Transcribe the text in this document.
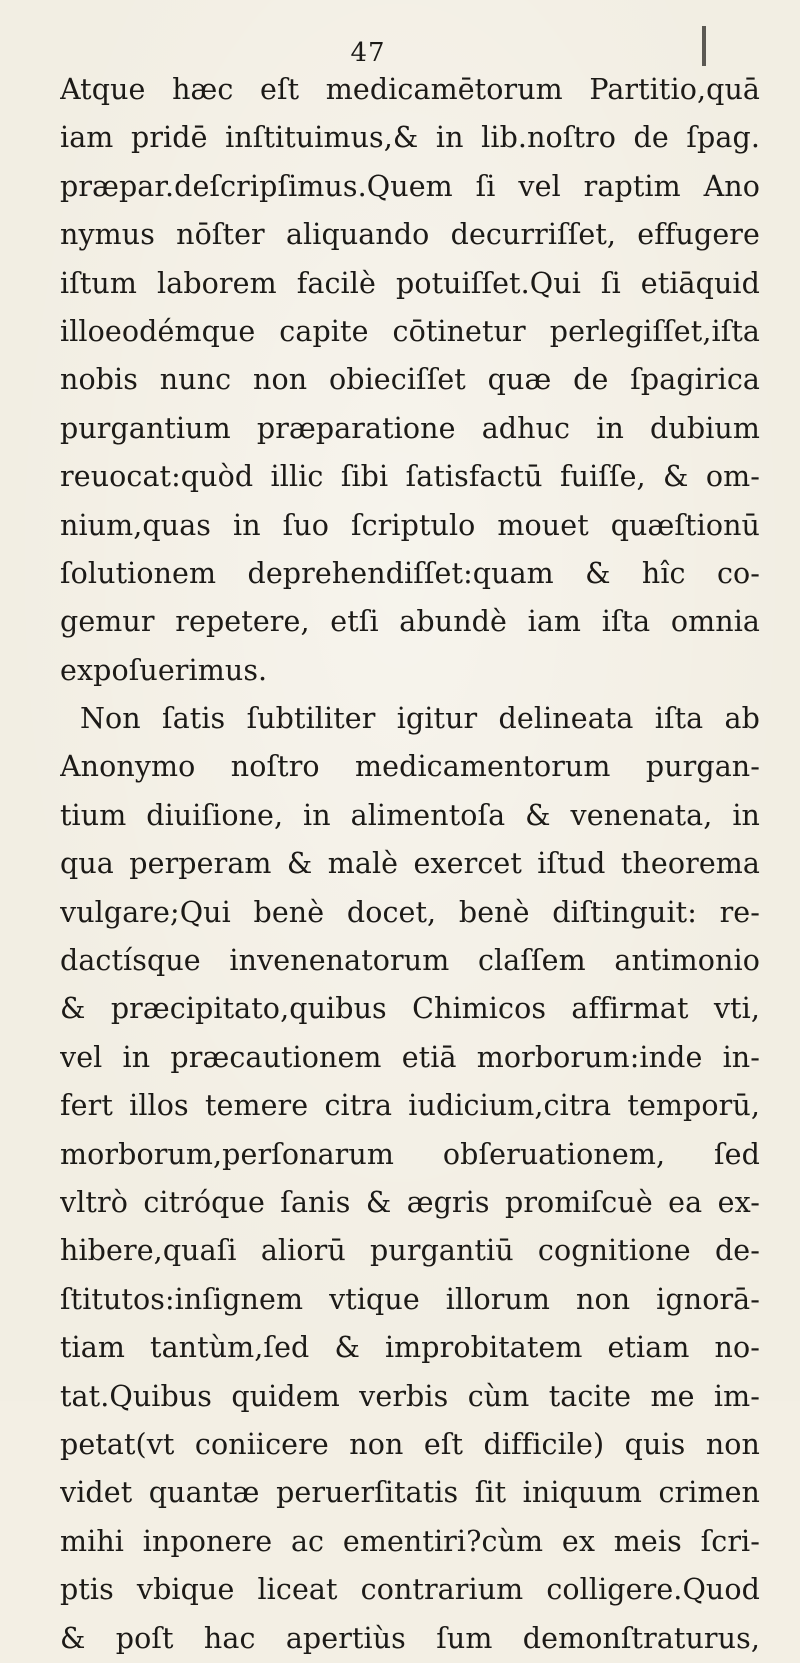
47
Atque hæc eſt medicamētorum Partitio,quā
iam pridē inſtituimus,& in lib.noſtro de ſpag.
præpar.deſcripſimus.Quem ſi vel raptim Ano
nymus nōſter aliquando decurriſſet, effugere
iſtum laborem facilè potuiſſet.Qui ſi etiāquid
illoeodémque capite cōtinetur perlegiſſet,iſta
nobis nunc non obieciſſet quæ de ſpagirica
purgantium præparatione adhuc in dubium
reuocat:quòd illic ſibi ſatisfactū fuiſſe, & om-
nium,quas in ſuo ſcriptulo mouet quæſtionū
ſolutionem deprehendiſſet:quam & hîc co-
gemur repetere, etſi abundè iam iſta omnia
expoſuerimus.
Non ſatis ſubtiliter igitur delineata iſta ab
Anonymo noſtro medicamentorum purgan-
tium diuiſione, in alimentoſa & venenata, in
qua perperam & malè exercet iſtud theorema
vulgare;Qui benè docet, benè diſtinguit: re-
dactísque invenenatorum claſſem antimonio
& præcipitato,quibus Chimicos affirmat vti,
vel in præcautionem etiā morborum:inde in-
fert illos temere citra iudicium,citra temporū,
morborum,perſonarum obſeruationem, ſed
vltrò citróque ſanis & ægris promiſcuè ea ex-
hibere,quaſi aliorū purgantiū cognitione de-
ſtitutos:inſignem vtique illorum non ignorā-
tiam tantùm,ſed & improbitatem etiam no-
tat.Quibus quidem verbis cùm tacite me im-
petat(vt coniicere non eſt difficile) quis non
videt quantæ peruerſitatis ſit iniquum crimen
mihi inponere ac ementiri?cùm ex meis ſcri-
ptis vbique liceat contrarium colligere.Quod
& poſt hac apertiùs ſum demonſtraturus,
